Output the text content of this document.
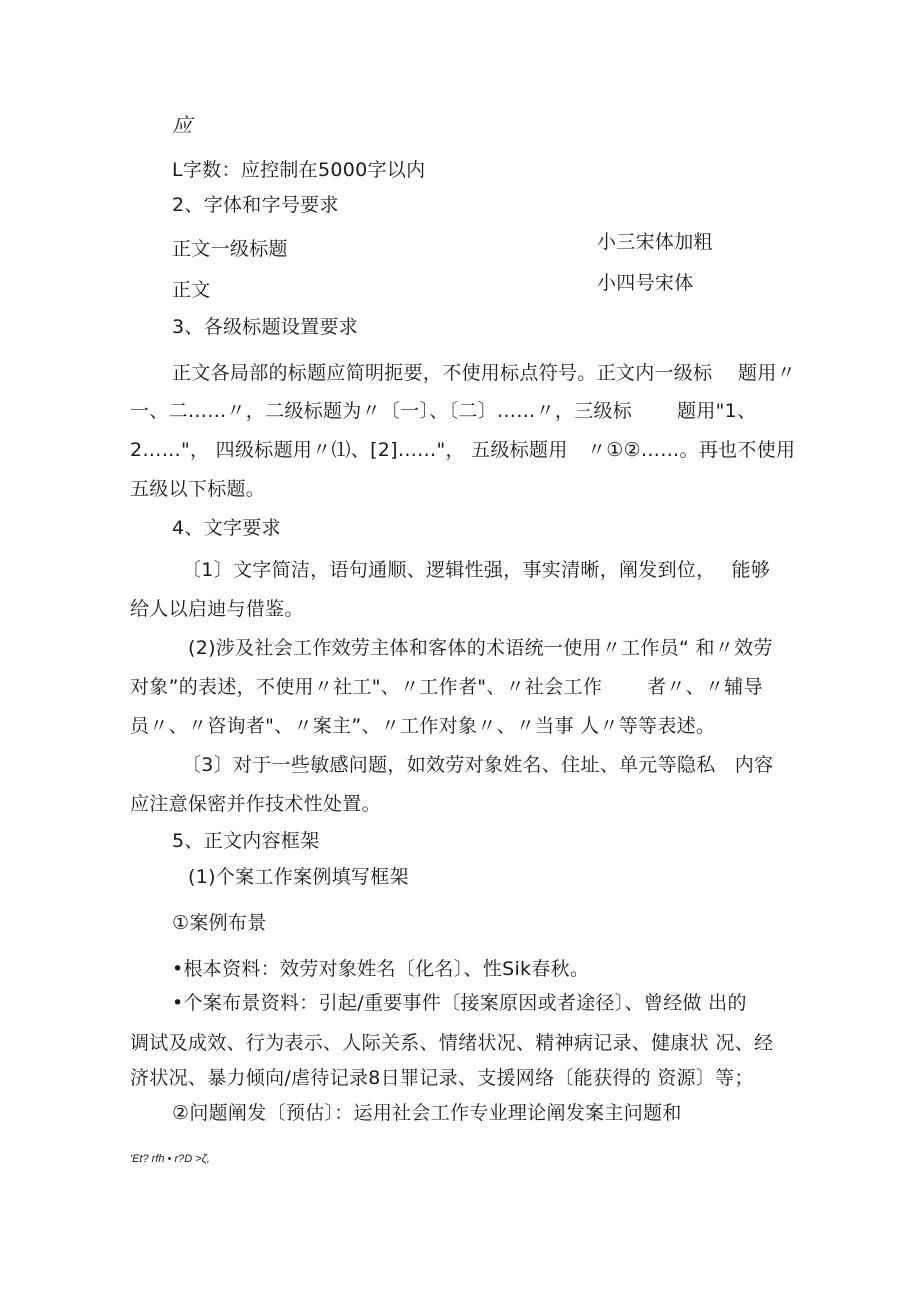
应
L字数：应控制在5000字以内
2、字体和字号要求
正文一级标题	小三宋体加粗
正文	小四号宋体
3、各级标题设置要求
正文各局部的标题应简明扼要，不使用标点符号。正文内一级标　 题用〃
一、二……〃，二级标题为〃〔一〕、〔二〕……〃，三级标　　 题用"1、
2……"， 四级标题用〃⑴、[2]……"， 五级标题用　〃①②……。再也不使用
五级以下标题。
4、文字要求
〔1〕文字简洁，语句通顺、逻辑性强，事实清晰，阐发到位，　 能够
给人以启迪与借鉴。
(2)涉及社会工作效劳主体和客体的术语统一使用〃工作员“ 和〃效劳
对象”的表述，不使用〃社工"、〃工作者"、〃社会工作　　 者〃、〃辅导
员〃、〃咨询者"、〃案主”、〃工作对象〃、〃当事 人〃等等表述。
〔3〕对于一些敏感问题，如效劳对象姓名、住址、单元等隐私　内容
应注意保密并作技术性处置。
5、正文内容框架
(1)个案工作案例填写框架
①案例布景
•根本资料：效劳对象姓名〔化名〕、性Sik春秋。
•个案布景资料：引起/重要事件〔接案原因或者途径〕、曾经做 出的
调试及成效、行为表示、人际关系、情绪状况、精神病记录、健康状 况、经
济状况、暴力倾向/虐待记录8日罪记录、支援网络〔能获得的 资源〕等；
②问题阐发〔预估〕：运用社会工作专业理论阐发案主问题和
'Et? rfh • r?D >ζ,
